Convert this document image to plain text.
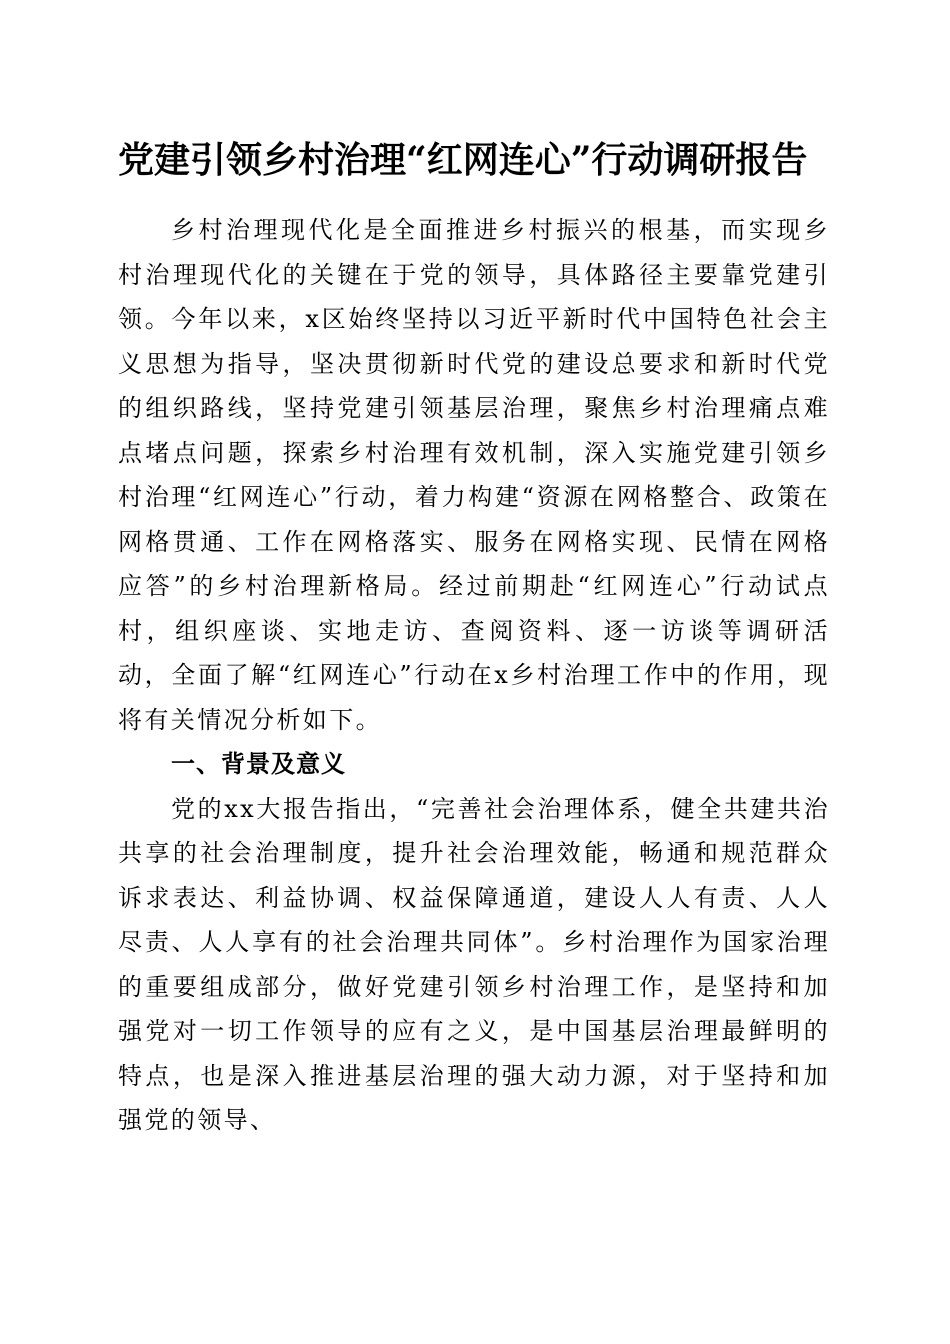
党建引领乡村治理“红网连心”行动调研报告

乡村治理现代化是全面推进乡村振兴的根基，而实现乡村治理现代化的关键在于党的领导，具体路径主要靠党建引领。今年以来，x区始终坚持以习近平新时代中国特色社会主义思想为指导，坚决贯彻新时代党的建设总要求和新时代党的组织路线，坚持党建引领基层治理，聚焦乡村治理痛点难点堵点问题，探索乡村治理有效机制，深入实施党建引领乡村治理“红网连心”行动，着力构建“资源在网格整合、政策在网格贯通、工作在网格落实、服务在网格实现、民情在网格应答”的乡村治理新格局。经过前期赴“红网连心”行动试点村，组织座谈、实地走访、查阅资料、逐一访谈等调研活动，全面了解“红网连心”行动在x乡村治理工作中的作用，现将有关情况分析如下。

一、背景及意义

党的xx大报告指出，“完善社会治理体系，健全共建共治共享的社会治理制度，提升社会治理效能，畅通和规范群众诉求表达、利益协调、权益保障通道，建设人人有责、人人尽责、人人享有的社会治理共同体”。乡村治理作为国家治理的重要组成部分，做好党建引领乡村治理工作，是坚持和加强党对一切工作领导的应有之义，是中国基层治理最鲜明的特点，也是深入推进基层治理的强大动力源，对于坚持和加强党的领导、
